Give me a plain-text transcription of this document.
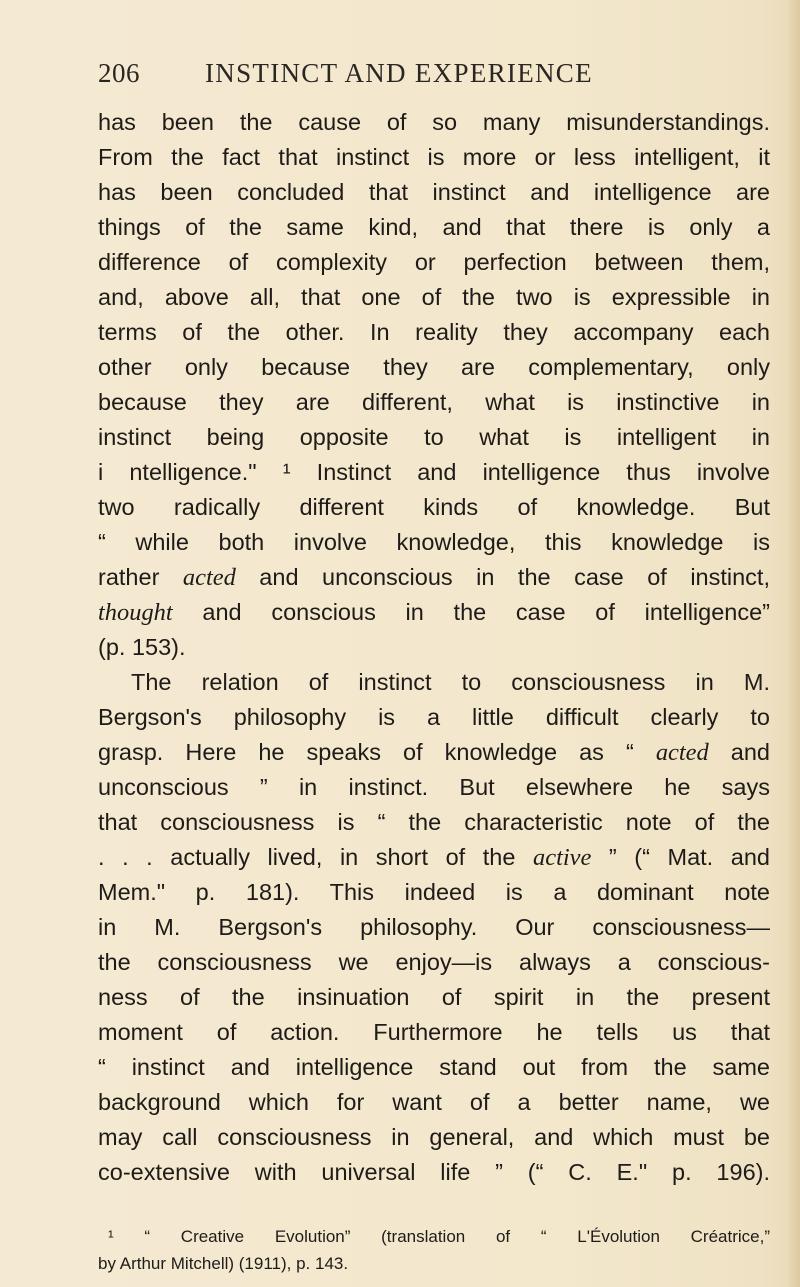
206 INSTINCT AND EXPERIENCE
has been the cause of so many misunderstandings.
From the fact that instinct is more or less intelligent, it
has been concluded that instinct and intelligence are
things of the same kind, and that there is only a
difference of complexity or perfection between them,
and, above all, that one of the two is expressible in
terms of the other. In reality they accompany each
other only because they are complementary, only
because they are different, what is instinctive in
instinct being opposite to what is intelligent in
i ntelligence." ¹ Instinct and intelligence thus involve
two radically different kinds of knowledge. But
“ while both involve knowledge, this knowledge is
rather acted and unconscious in the case of instinct,
thought and conscious in the case of intelligence”
(p. 153).
The relation of instinct to consciousness in M.
Bergson's philosophy is a little difficult clearly to
grasp. Here he speaks of knowledge as “ acted and
unconscious ” in instinct. But elsewhere he says
that consciousness is “ the characteristic note of the
. . . actually lived, in short of the active ” (“ Mat. and
Mem." p. 181). This indeed is a dominant note
in M. Bergson's philosophy. Our consciousness—
the consciousness we enjoy—is always a conscious-
ness of the insinuation of spirit in the present
moment of action. Furthermore he tells us that
“ instinct and intelligence stand out from the same
background which for want of a better name, we
may call consciousness in general, and which must be
co-extensive with universal life ” (“ C. E." p. 196).
¹ “ Creative Evolution” (translation of “ L'Évolution Créatrice,”
by Arthur Mitchell) (1911), p. 143.
